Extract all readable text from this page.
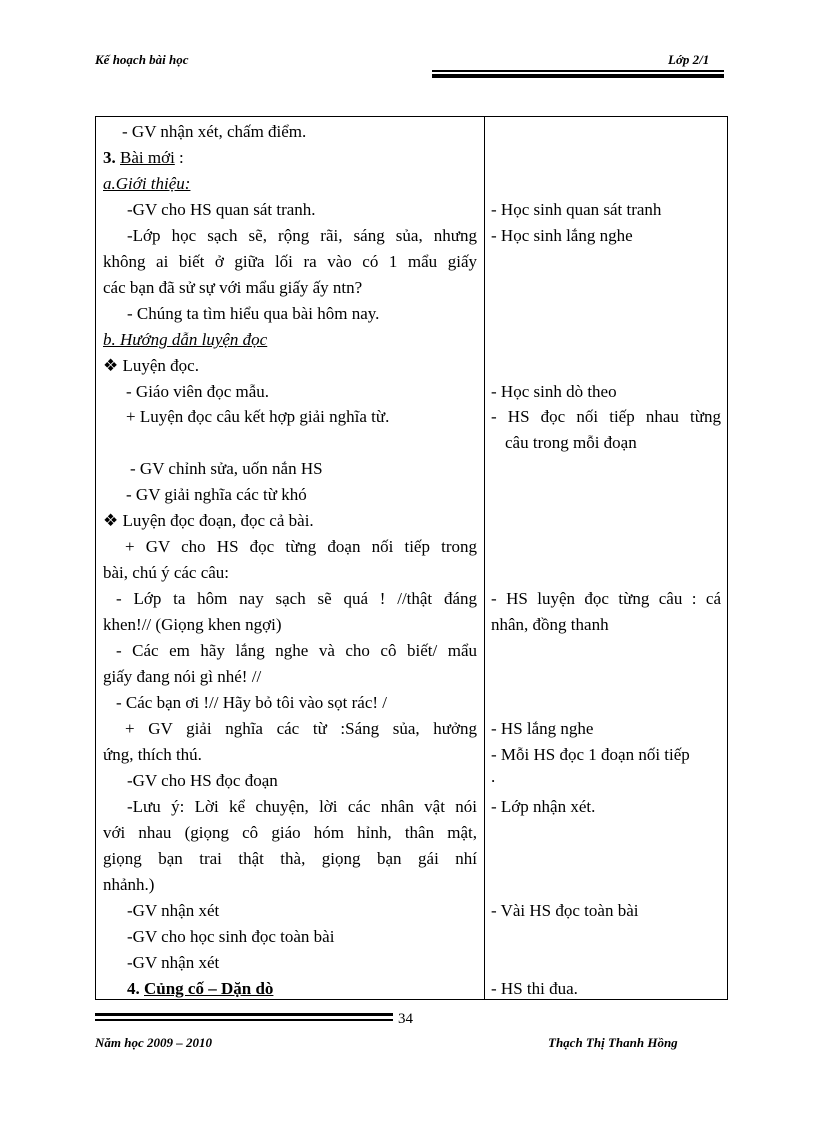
Kế hoạch bài học	Lớp 2/1
- GV nhận xét, chấm điểm.
3. Bài mới :
a.Giới thiệu:
-GV cho HS quan sát tranh.
-Lớp học sạch sẽ, rộng rãi, sáng sủa, nhưng
không ai biết ở giữa lối ra vào có 1 mẩu giấy
các bạn đã sử sự với mẩu giấy ấy ntn?
- Chúng ta tìm hiểu qua bài hôm nay.
b. Hướng dẫn luyện đọc
❖ Luyện đọc.
- Giáo viên đọc mẫu.
+ Luyện đọc câu kết hợp giải nghĩa từ.
- GV chỉnh sửa, uốn nắn HS
- GV giải nghĩa các từ khó
❖ Luyện đọc đoạn, đọc cả bài.
+ GV cho HS đọc từng đoạn nối tiếp trong
bài, chú ý các câu:
- Lớp ta hôm nay sạch sẽ quá ! //thật đáng
khen!// (Giọng khen ngợi)
- Các em hãy lắng nghe và cho cô biết/ mẩu
giấy đang nói gì nhé! //
- Các bạn ơi !// Hãy bỏ tôi vào sọt rác! /
+ GV giải nghĩa các từ :Sáng sủa, hưởng
ứng, thích thú.
-GV cho HS đọc đoạn
-Lưu ý: Lời kể chuyện, lời các nhân vật nói
với nhau (giọng cô giáo hóm hỉnh, thân mật,
giọng bạn trai thật thà, giọng bạn gái nhí
nhảnh.)
-GV nhận xét
-GV cho học sinh đọc toàn bài
-GV nhận xét
4. Củng cố – Dặn dò
- Học sinh quan sát tranh
- Học sinh lắng nghe
- Học sinh dò theo
- HS đọc nối tiếp nhau từng
câu trong mỗi đoạn
- HS luyện đọc từng câu : cá
nhân, đồng thanh
- HS lắng nghe
- Mỗi HS đọc 1 đoạn nối tiếp
.
- Lớp nhận xét.
- Vài HS đọc toàn bài
- HS thi đua.
34
Năm học 2009 – 2010	Thạch Thị Thanh Hồng
